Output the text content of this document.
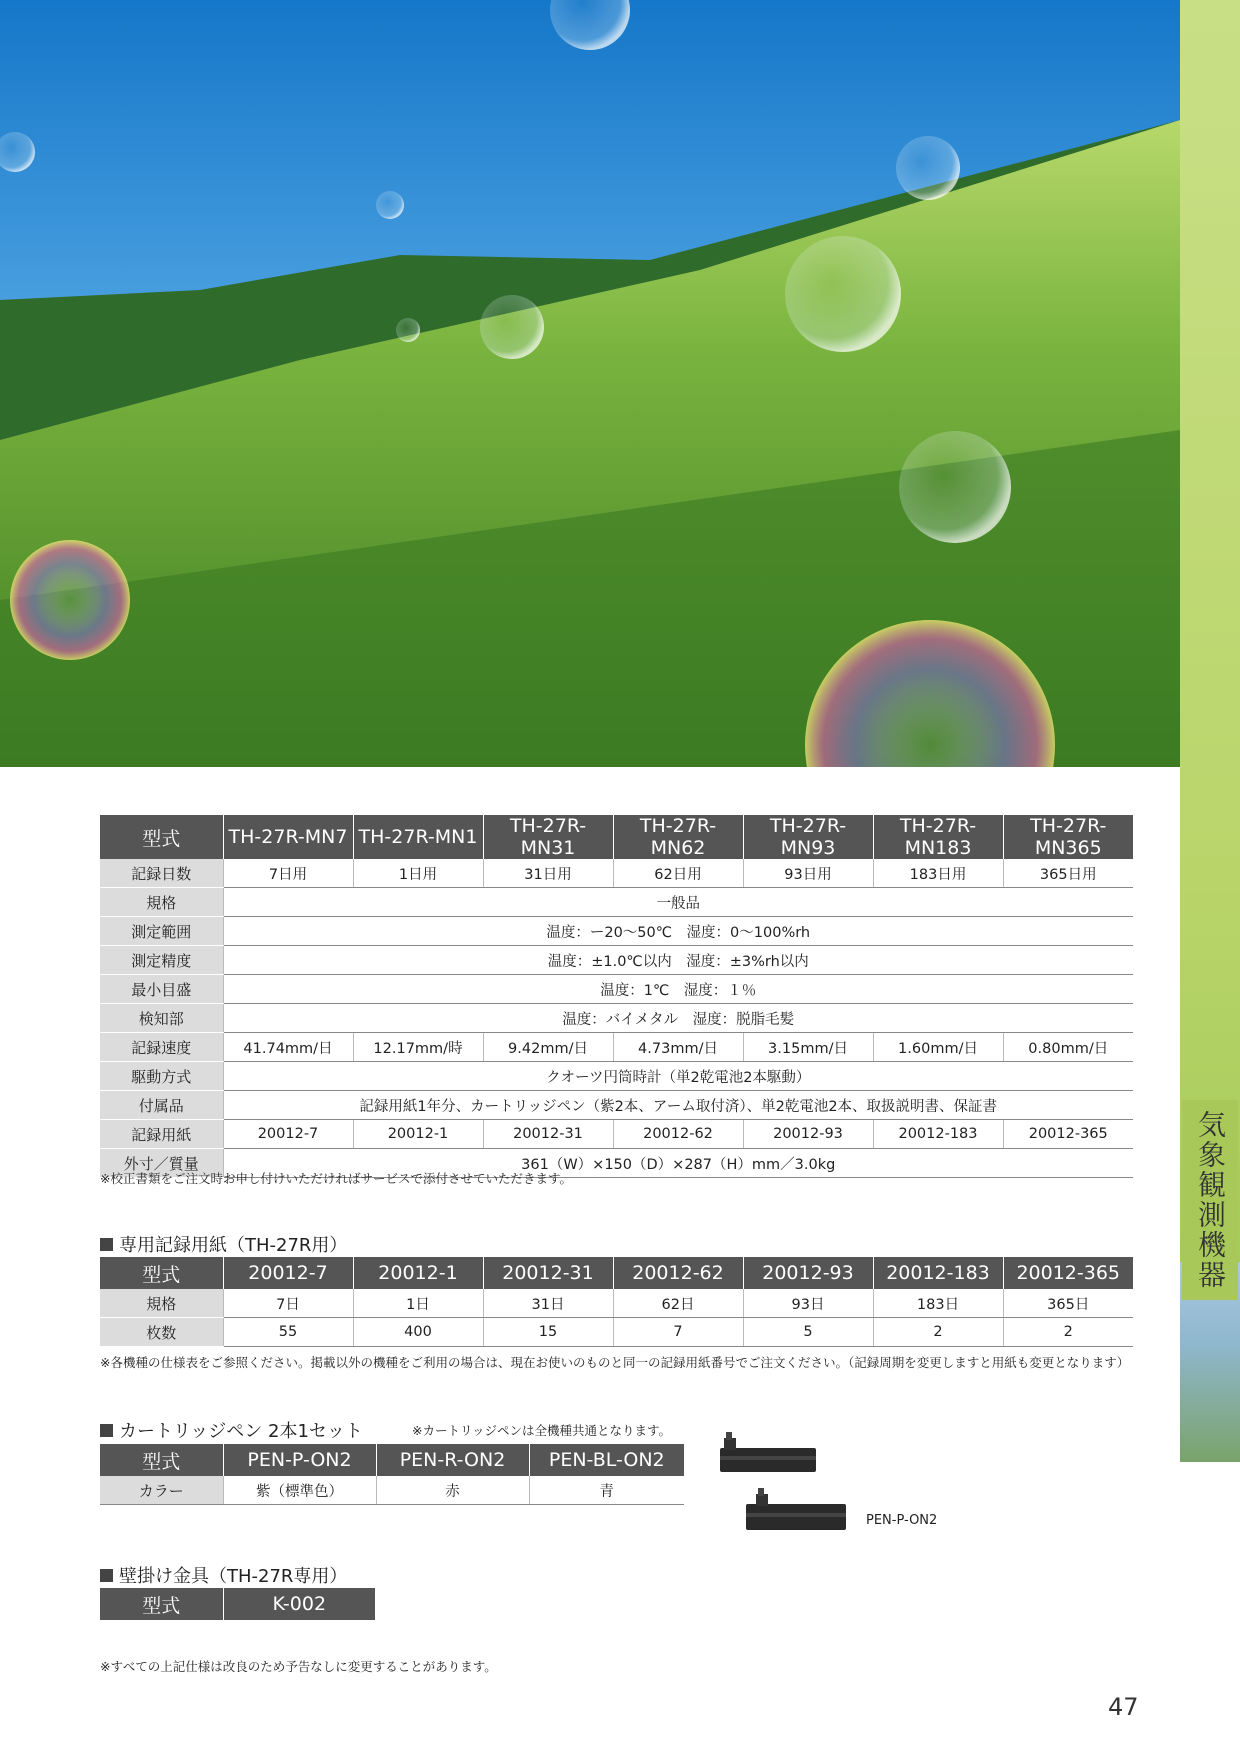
気象観測機器
型式	TH-27R-MN7	TH-27R-MN1	TH-27R-MN31	TH-27R-MN62	TH-27R-MN93	TH-27R-MN183	TH-27R-MN365
記録日数	7日用	1日用	31日用	62日用	93日用	183日用	365日用
規格	一般品						
測定範囲	温度：ー20～50℃　湿度：0～100%rh						
測定精度	温度：±1.0℃以内　湿度：±3%rh以内						
最小目盛	温度：1℃　湿度：１％						
検知部	温度：バイメタル　湿度：脱脂毛髪						
記録速度	41.74mm/日	12.17mm/時	9.42mm/日	4.73mm/日	3.15mm/日	1.60mm/日	0.80mm/日
駆動方式	クオーツ円筒時計（単2乾電池2本駆動）						
付属品	記録用紙1年分、カートリッジペン（紫2本、アーム取付済）、単2乾電池2本、取扱説明書、保証書						
記録用紙	20012-7	20012-1	20012-31	20012-62	20012-93	20012-183	20012-365
外寸／質量	361（W）×150（D）×287（H）mm／3.0kg						
※校正書類をご注文時お申し付けいただければサービスで添付させていただきます。
専用記録用紙（TH-27R用）
型式	20012-7	20012-1	20012-31	20012-62	20012-93	20012-183	20012-365
規格	7日	1日	31日	62日	93日	183日	365日
枚数	55	400	15	7	5	2	2
※各機種の仕様表をご参照ください。掲載以外の機種をご利用の場合は、現在お使いのものと同一の記録用紙番号でご注文ください。（記録周期を変更しますと用紙も変更となります）
カートリッジペン 2本1セット	※カートリッジペンは全機種共通となります。
型式	PEN-P-ON2	PEN-R-ON2	PEN-BL-ON2
カラー	紫（標準色）	赤	青
PEN-P-ON2
壁掛け金具（TH-27R専用）
型式	K-002
※すべての上記仕様は改良のため予告なしに変更することがあります。
47
